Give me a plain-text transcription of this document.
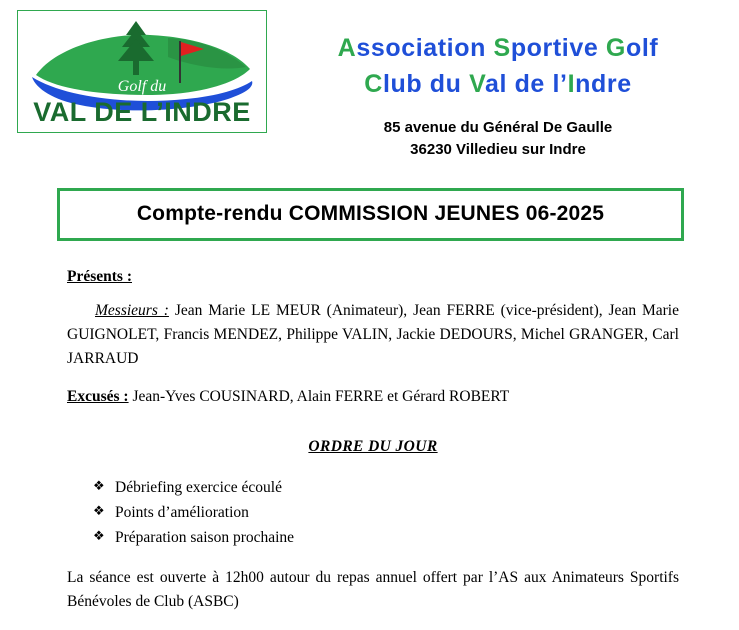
Golf du
VAL DE L’INDRE
Association Sportive Golf
Club du Val de l’Indre
85 avenue du Général De Gaulle
36230 Villedieu sur Indre
Compte-rendu COMMISSION JEUNES 06-2025

Présents :

Messieurs : Jean Marie LE MEUR (Animateur), Jean FERRE (vice-président), Jean Marie GUIGNOLET, Francis MENDEZ, Philippe VALIN, Jackie DEDOURS, Michel GRANGER, Carl JARRAUD

Excusés : Jean-Yves COUSINARD, Alain FERRE et Gérard ROBERT

ORDRE DU JOUR
❖ Débriefing exercice écoulé
❖ Points d’amélioration
❖ Préparation saison prochaine

La séance est ouverte à 12h00 autour du repas annuel offert par l’AS aux Animateurs Sportifs Bénévoles de Club (ASBC)
